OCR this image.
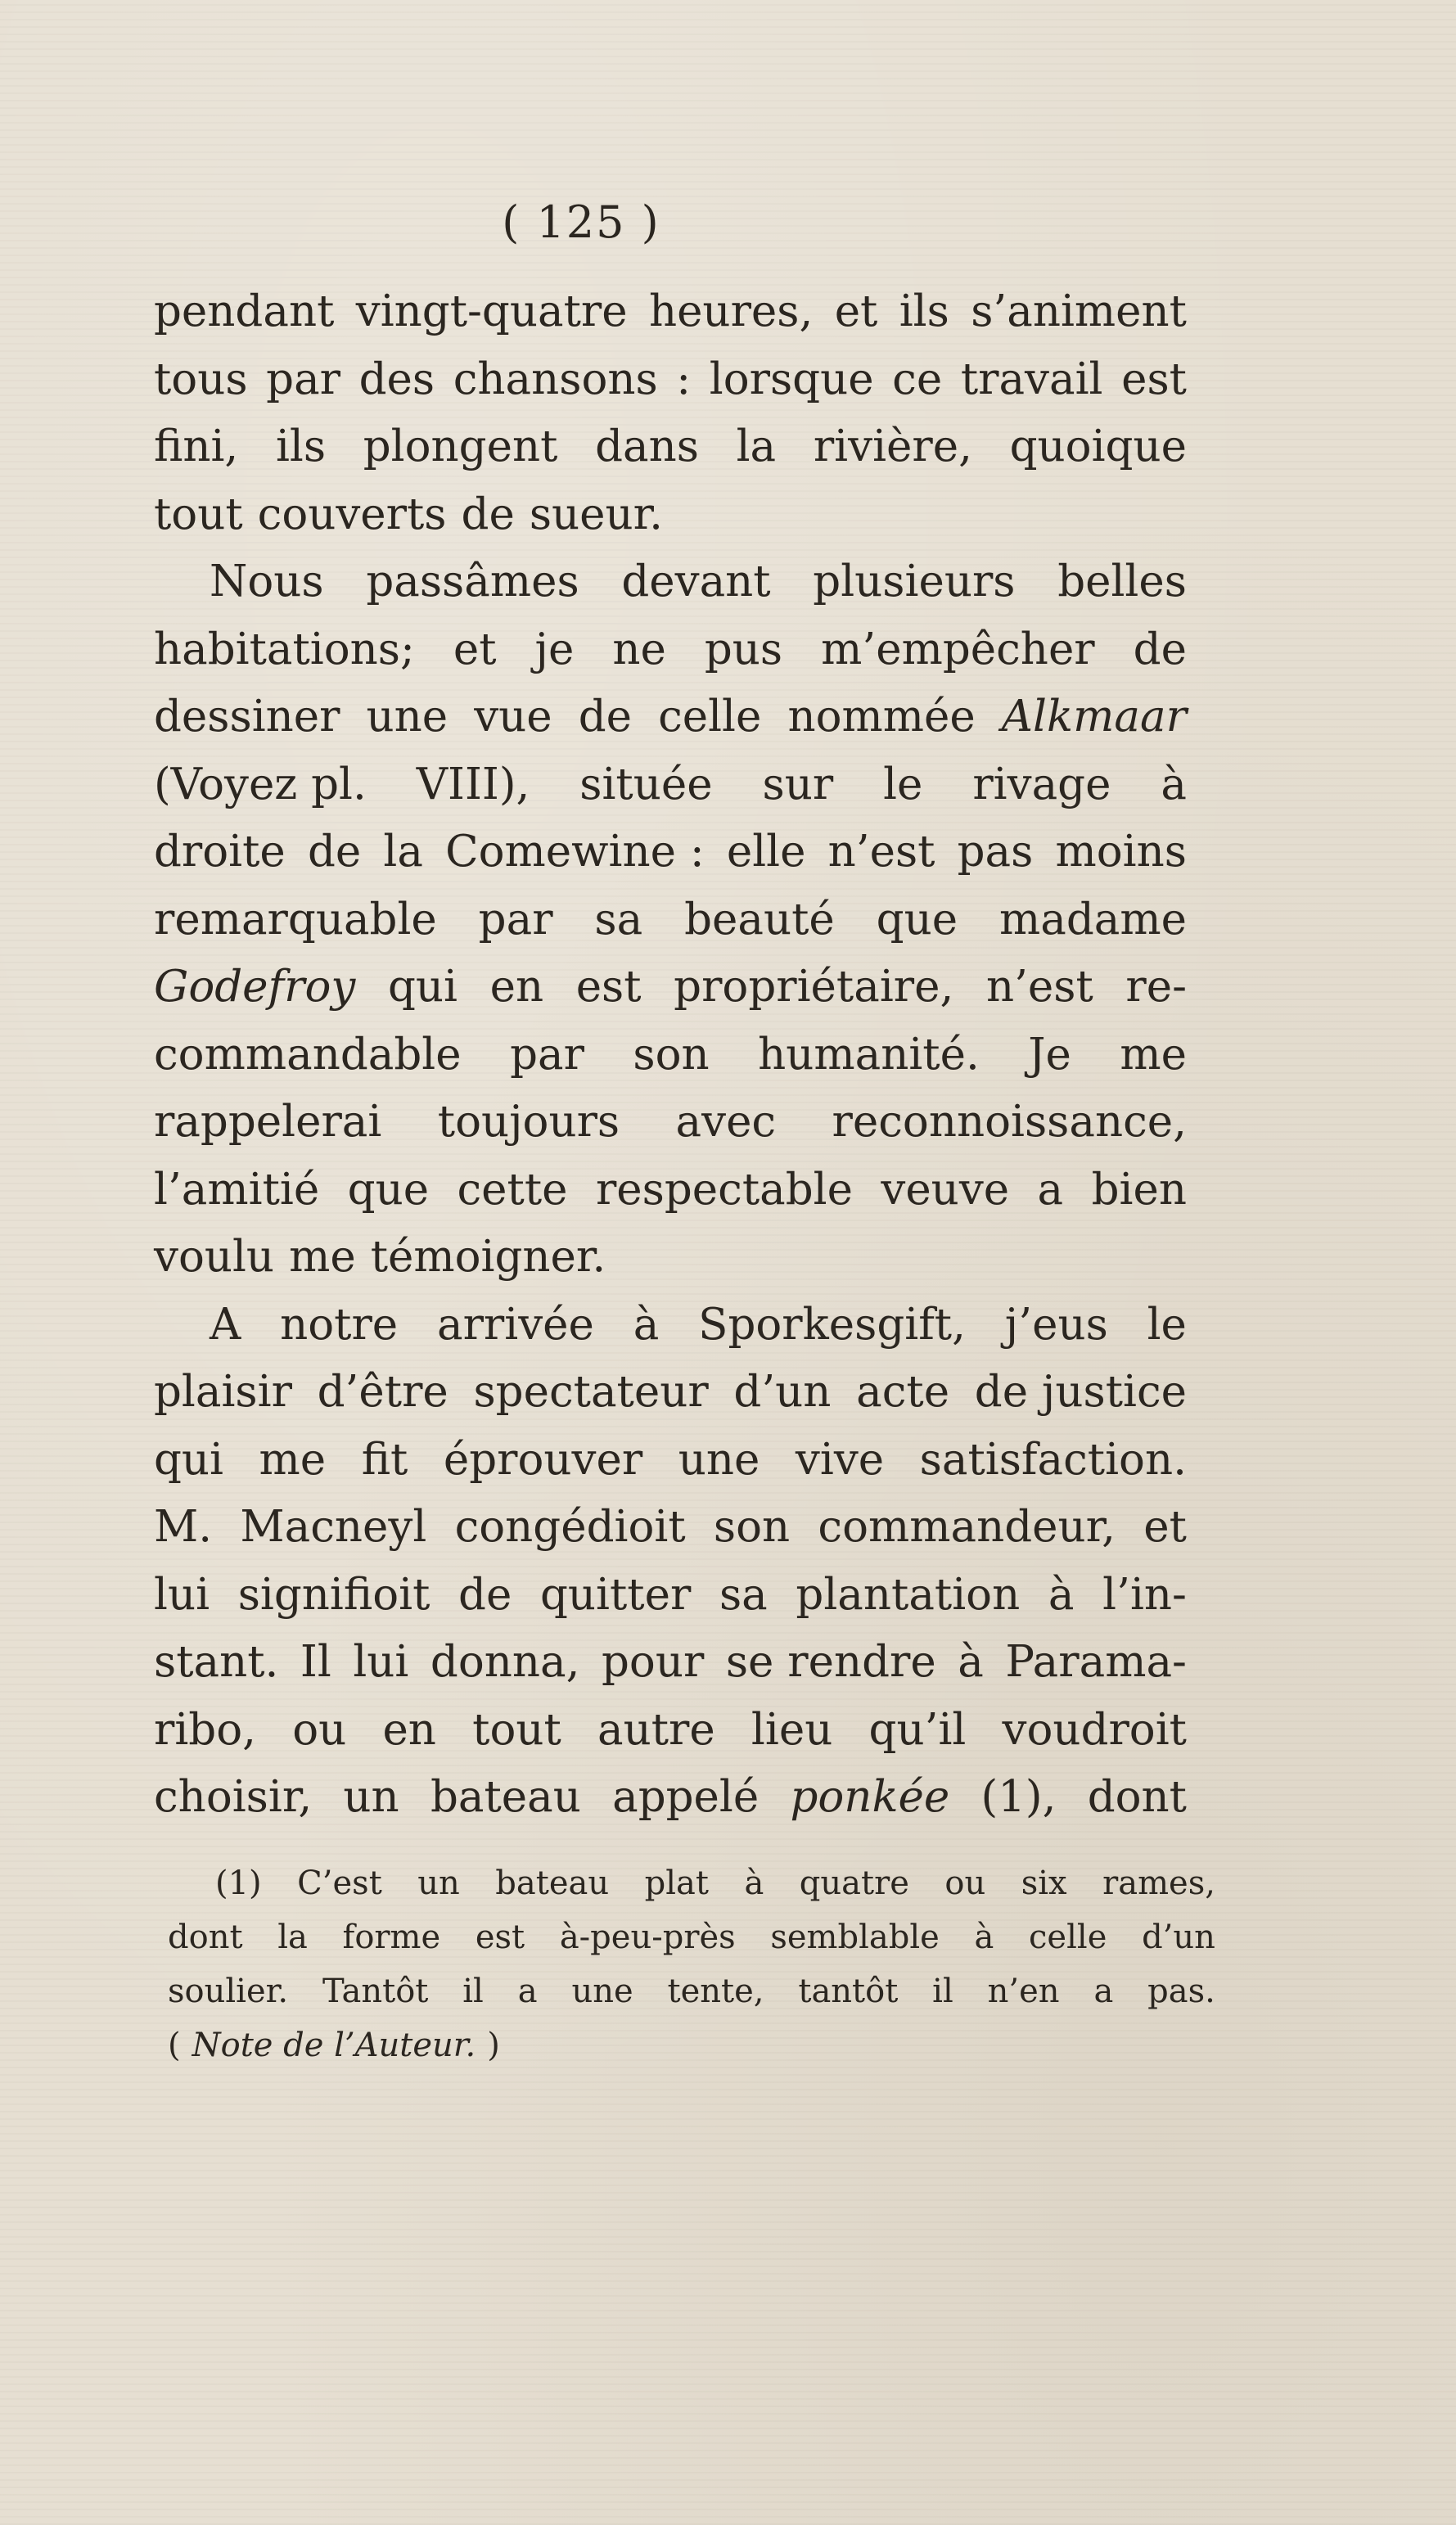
( 125 )
pendant vingt-quatre heures, et ils s’animent
tous par des chansons : lorsque ce travail est
fini, ils plongent dans la rivière, quoique
tout couverts de sueur.
Nous passâmes devant plusieurs belles
habitations; et je ne pus m’empêcher de
dessiner une vue de celle nommée Alkmaar
(Voyez pl. VIII), située sur le rivage à
droite de la Comewine : elle n’est pas moins
remarquable par sa beauté que madame
Godefroy qui en est propriétaire, n’est re-
commandable par son humanité. Je me
rappelerai toujours avec reconnoissance,
l’amitié que cette respectable veuve a bien
voulu me témoigner.
A notre arrivée à Sporkesgift, j’eus le
plaisir d’être spectateur d’un acte de justice
qui me fit éprouver une vive satisfaction.
M. Macneyl congédioit son commandeur, et
lui signifioit de quitter sa plantation à l’in-
stant. Il lui donna, pour se rendre à Parama-
ribo, ou en tout autre lieu qu’il voudroit
choisir, un bateau appelé ponkée (1), dont
(1) C’est un bateau plat à quatre ou six rames,
dont la forme est à-peu-près semblable à celle d’un
soulier. Tantôt il a une tente, tantôt il n’en a pas.
( Note de l’Auteur. )
